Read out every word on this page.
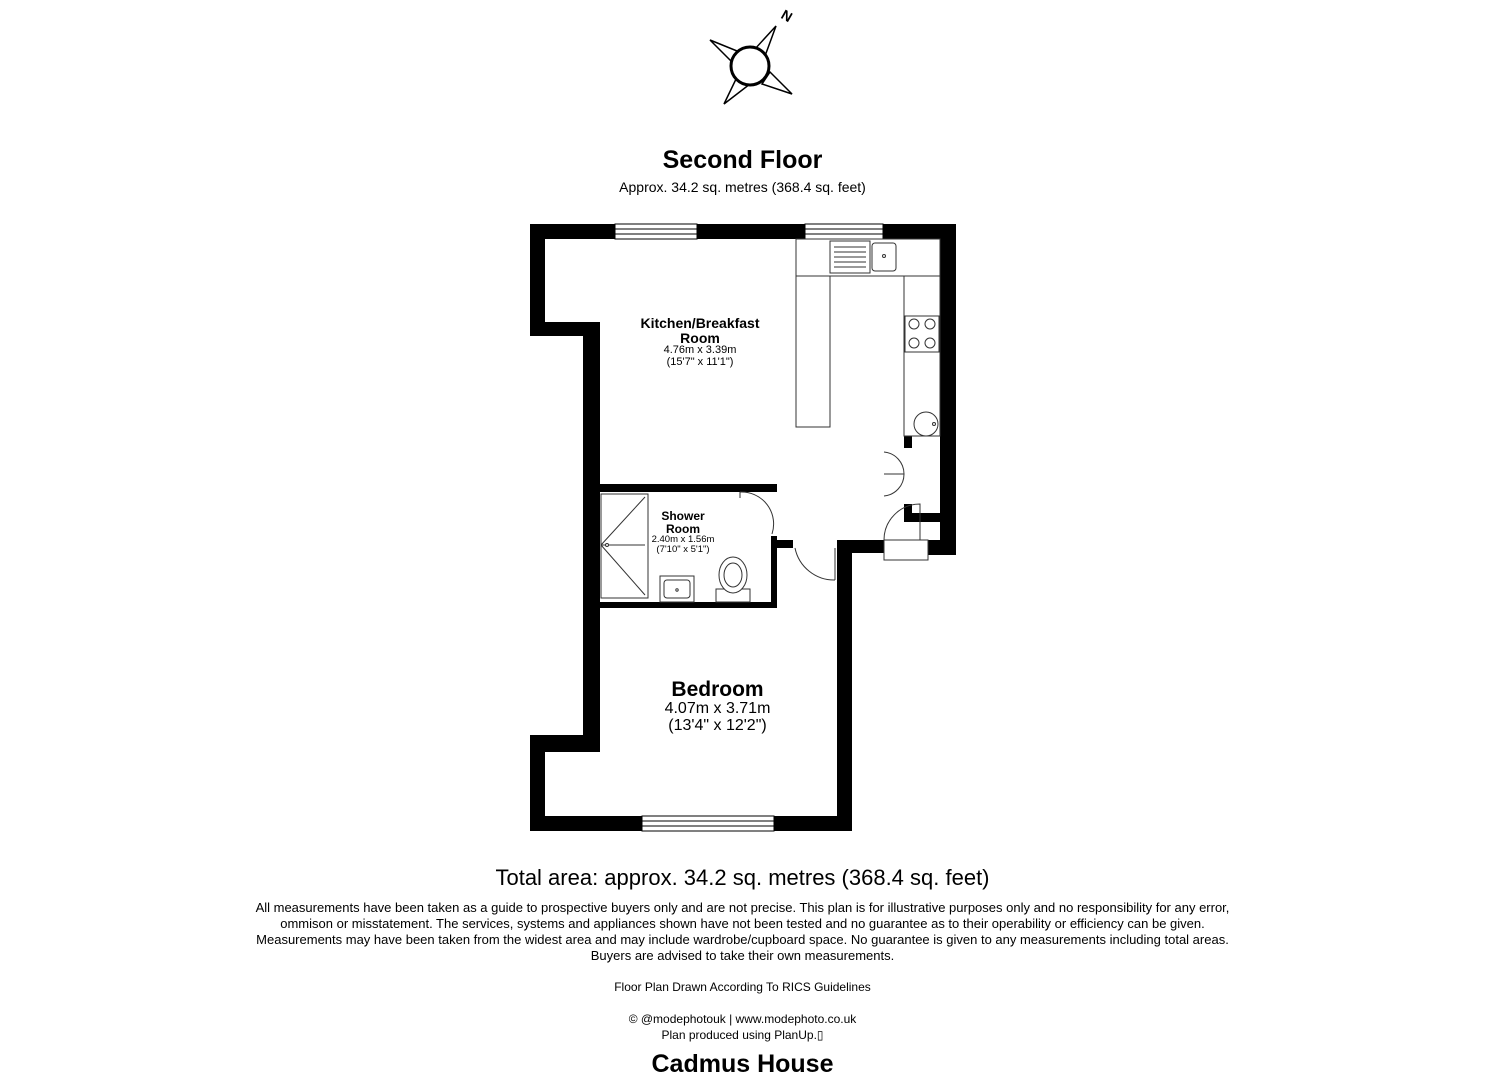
N
Second Floor
Approx. 34.2 sq. metres (368.4 sq. feet)
Kitchen/Breakfast
Room
4.76m x 3.39m
(15'7" x 11'1")
Shower
Room
2.40m x 1.56m
(7'10" x 5'1")
Bedroom
4.07m x 3.71m
(13'4" x 12'2")
Total area: approx. 34.2 sq. metres (368.4 sq. feet)
All measurements have been taken as a guide to prospective buyers only and are not precise. This plan is for illustrative purposes only and no responsibility for any error, ommison or misstatement. The services, systems and appliances shown have not been tested and no guarantee as to their operability or efficiency can be given. Measurements may have been taken from the widest area and may include wardrobe/cupboard space. No guarantee is given to any measurements including total areas. Buyers are advised to take their own measurements.
Floor Plan Drawn According To RICS Guidelines
© @modephotouk | www.modephoto.co.uk
Plan produced using PlanUp.▯
Cadmus House
